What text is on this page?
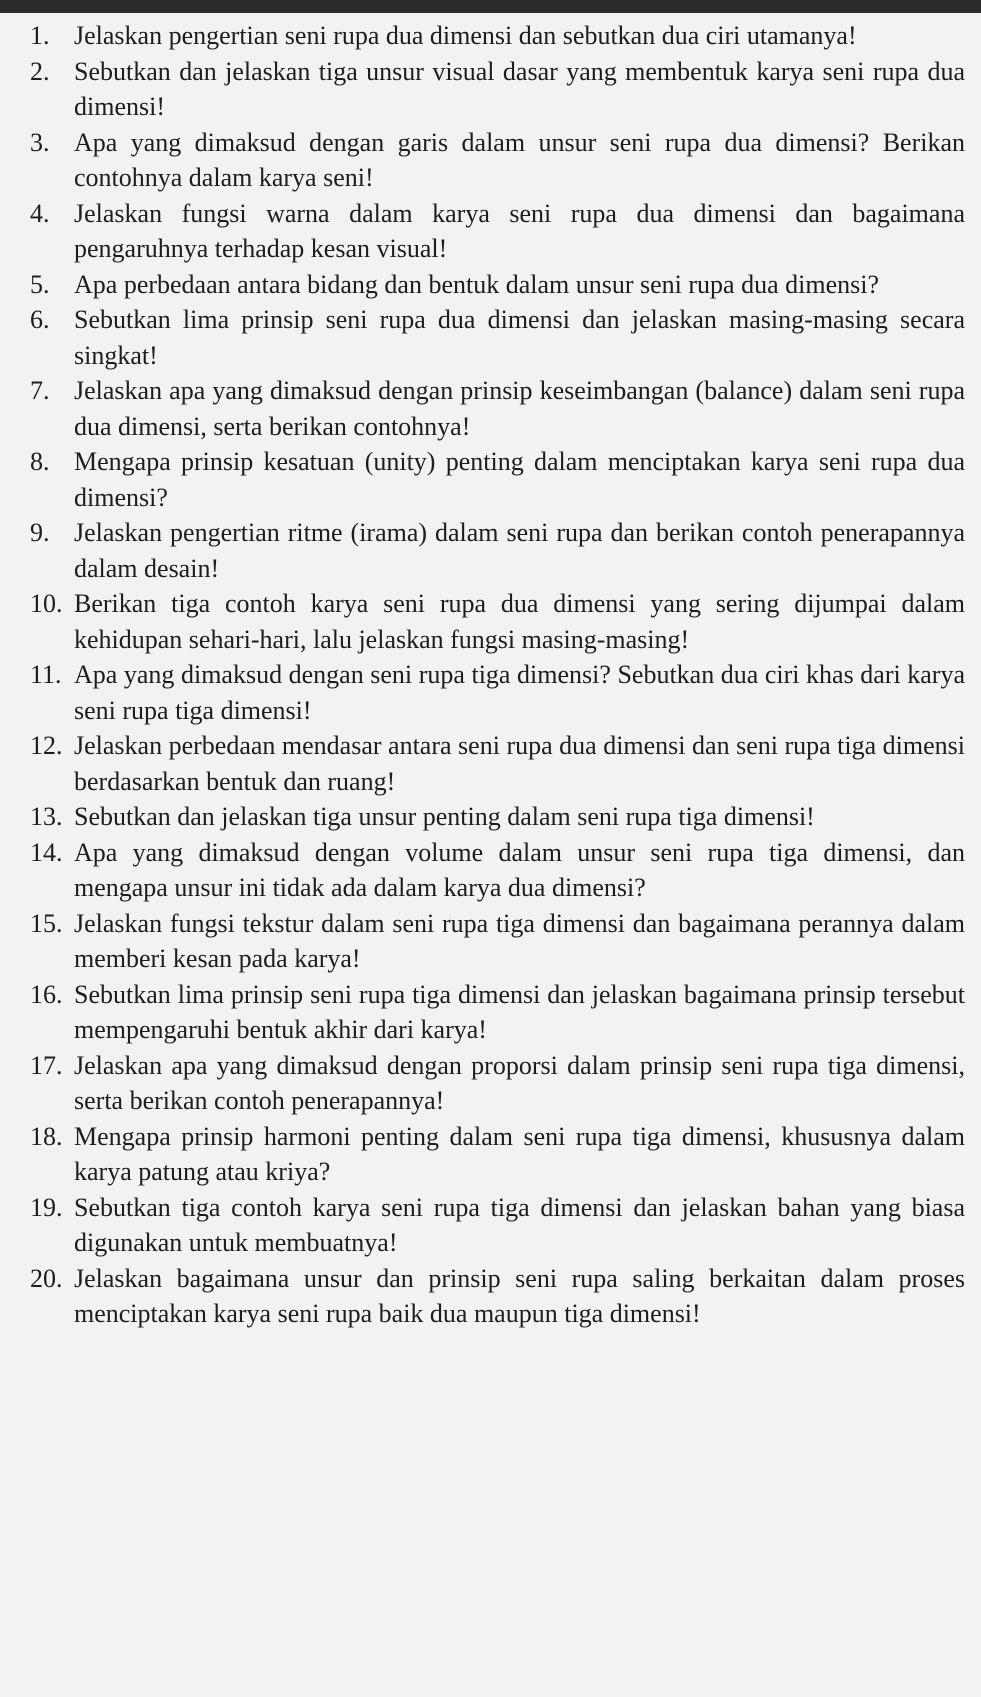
1. Jelaskan pengertian seni rupa dua dimensi dan sebutkan dua ciri utamanya!
2. Sebutkan dan jelaskan tiga unsur visual dasar yang membentuk karya seni rupa dua dimensi!
3. Apa yang dimaksud dengan garis dalam unsur seni rupa dua dimensi? Berikan contohnya dalam karya seni!
4. Jelaskan fungsi warna dalam karya seni rupa dua dimensi dan bagaimana pengaruhnya terhadap kesan visual!
5. Apa perbedaan antara bidang dan bentuk dalam unsur seni rupa dua dimensi?
6. Sebutkan lima prinsip seni rupa dua dimensi dan jelaskan masing-masing secara singkat!
7. Jelaskan apa yang dimaksud dengan prinsip keseimbangan (balance) dalam seni rupa dua dimensi, serta berikan contohnya!
8. Mengapa prinsip kesatuan (unity) penting dalam menciptakan karya seni rupa dua dimensi?
9. Jelaskan pengertian ritme (irama) dalam seni rupa dan berikan contoh penerapannya dalam desain!
10. Berikan tiga contoh karya seni rupa dua dimensi yang sering dijumpai dalam kehidupan sehari-hari, lalu jelaskan fungsi masing-masing!
11. Apa yang dimaksud dengan seni rupa tiga dimensi? Sebutkan dua ciri khas dari karya seni rupa tiga dimensi!
12. Jelaskan perbedaan mendasar antara seni rupa dua dimensi dan seni rupa tiga dimensi berdasarkan bentuk dan ruang!
13. Sebutkan dan jelaskan tiga unsur penting dalam seni rupa tiga dimensi!
14. Apa yang dimaksud dengan volume dalam unsur seni rupa tiga dimensi, dan mengapa unsur ini tidak ada dalam karya dua dimensi?
15. Jelaskan fungsi tekstur dalam seni rupa tiga dimensi dan bagaimana perannya dalam memberi kesan pada karya!
16. Sebutkan lima prinsip seni rupa tiga dimensi dan jelaskan bagaimana prinsip tersebut mempengaruhi bentuk akhir dari karya!
17. Jelaskan apa yang dimaksud dengan proporsi dalam prinsip seni rupa tiga dimensi, serta berikan contoh penerapannya!
18. Mengapa prinsip harmoni penting dalam seni rupa tiga dimensi, khususnya dalam karya patung atau kriya?
19. Sebutkan tiga contoh karya seni rupa tiga dimensi dan jelaskan bahan yang biasa digunakan untuk membuatnya!
20. Jelaskan bagaimana unsur dan prinsip seni rupa saling berkaitan dalam proses menciptakan karya seni rupa baik dua maupun tiga dimensi!
